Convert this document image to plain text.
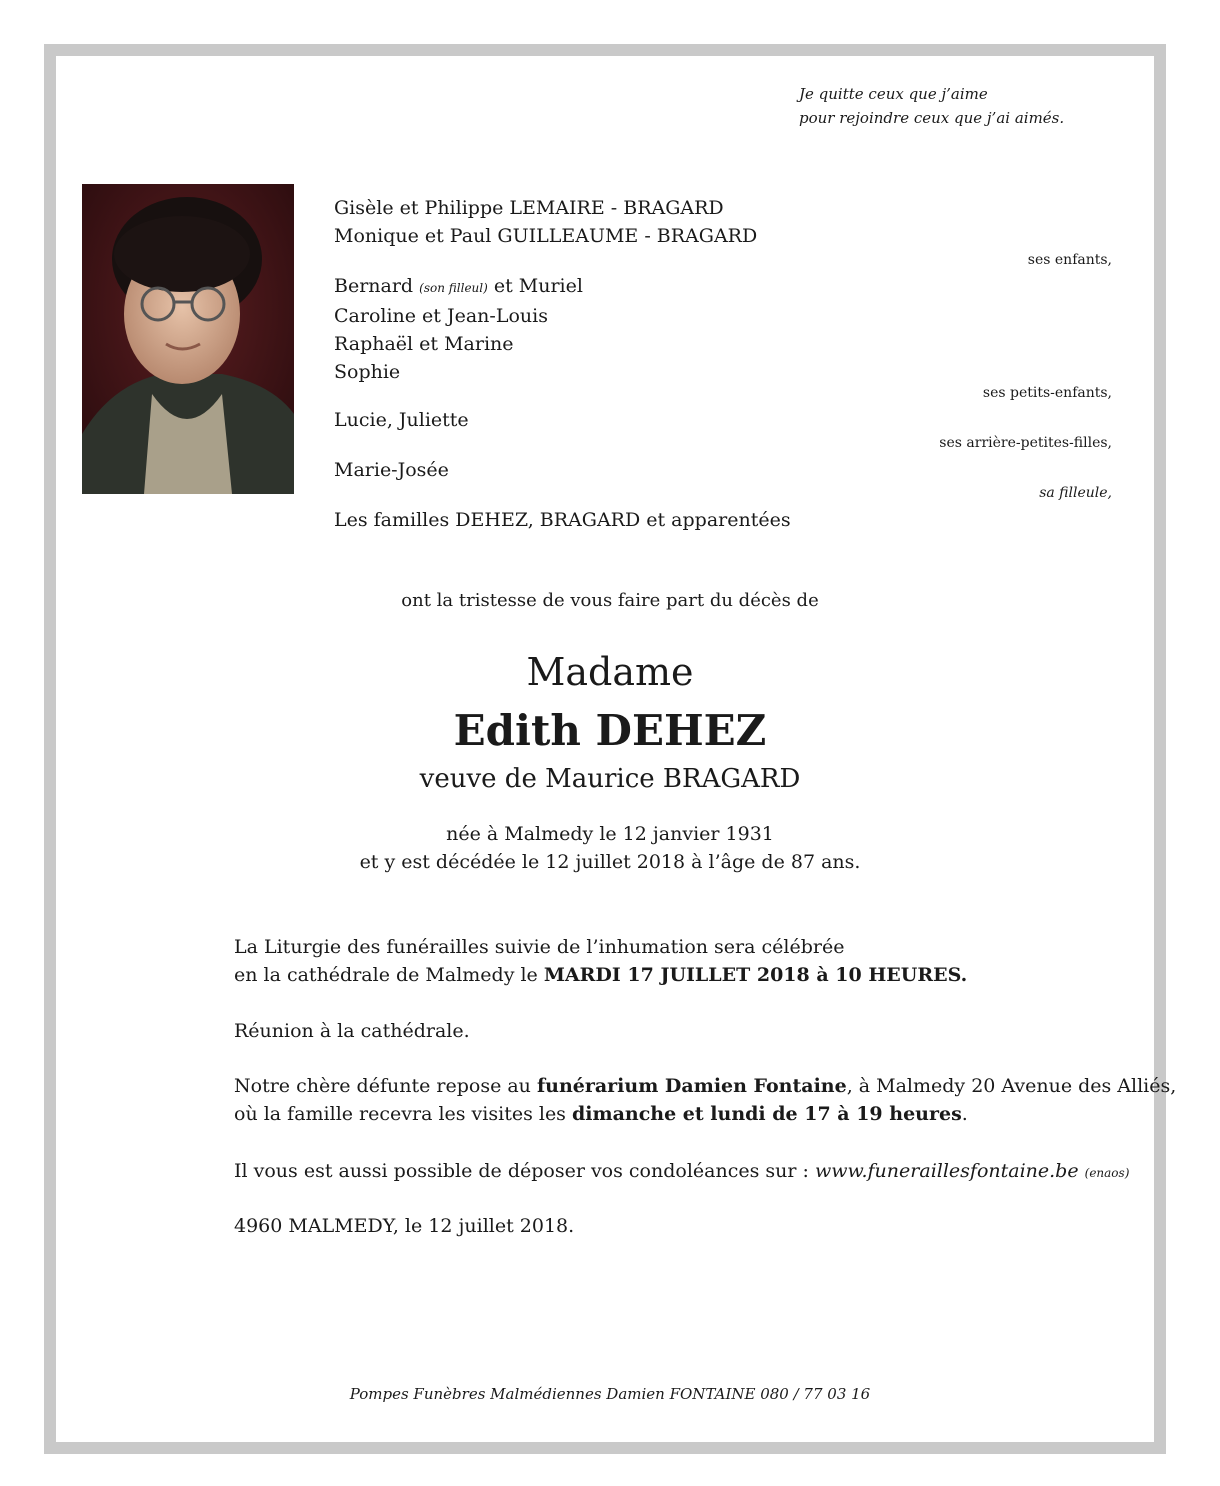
Je quitte ceux que j’aime
pour rejoindre ceux que j’ai aimés.
Gisèle et Philippe LEMAIRE - BRAGARD
Monique et Paul GUILLEAUME - BRAGARD
ses enfants,
Bernard (son filleul) et Muriel
Caroline et Jean-Louis
Raphaël et Marine
Sophie
ses petits-enfants,
Lucie, Juliette
ses arrière-petites-filles,
Marie-Josée
sa filleule,
Les familles DEHEZ, BRAGARD et apparentées
ont la tristesse de vous faire part du décès de
Madame
Edith DEHEZ
veuve de Maurice BRAGARD
née à Malmedy le 12 janvier 1931
et y est décédée le 12 juillet 2018 à l’âge de 87 ans.
La Liturgie des funérailles suivie de l’inhumation sera célébrée
en la cathédrale de Malmedy le MARDI 17 JUILLET 2018 à 10 HEURES.
Réunion à la cathédrale.
Notre chère défunte repose au funérarium Damien Fontaine, à Malmedy 20 Avenue des Alliés,
où la famille recevra les visites les dimanche et lundi de 17 à 19 heures.
Il vous est aussi possible de déposer vos condoléances sur : www.funeraillesfontaine.be (enaos)
4960 MALMEDY, le 12 juillet 2018.
Pompes Funèbres Malmédiennes Damien FONTAINE 080 / 77 03 16
